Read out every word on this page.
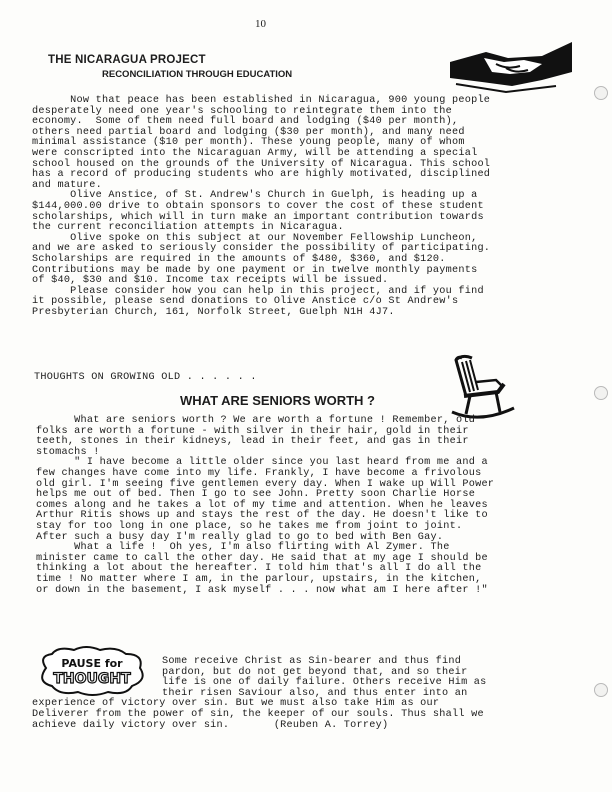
10
THE NICARAGUA PROJECT
RECONCILIATION THROUGH EDUCATION
Now that peace has been established in Nicaragua, 900 young people
desperately need one year's schooling to reintegrate them into the
economy.  Some of them need full board and lodging ($40 per month),
others need partial board and lodging ($30 per month), and many need
minimal assistance ($10 per month). These young people, many of whom
were conscripted into the Nicaraguan Army, will be attending a special
school housed on the grounds of the University of Nicaragua. This school
has a record of producing students who are highly motivated, disciplined
and mature.
Olive Anstice, of St. Andrew's Church in Guelph, is heading up a
$144,000.00 drive to obtain sponsors to cover the cost of these student
scholarships, which will in turn make an important contribution towards
the current reconciliation attempts in Nicaragua.
Olive spoke on this subject at our November Fellowship Luncheon,
and we are asked to seriously consider the possibility of participating.
Scholarships are required in the amounts of $480, $360, and $120.
Contributions may be made by one payment or in twelve monthly payments
of $40, $30 and $10. Income tax receipts will be issued.
Please consider how you can help in this project, and if you find
it possible, please send donations to Olive Anstice c/o St Andrew's
Presbyterian Church, 161, Norfolk Street, Guelph N1H 4J7.
THOUGHTS ON GROWING OLD . . . . . .
WHAT ARE SENIORS WORTH ?
What are seniors worth ? We are worth a fortune ! Remember, old
folks are worth a fortune - with silver in their hair, gold in their
teeth, stones in their kidneys, lead in their feet, and gas in their
stomachs !
" I have become a little older since you last heard from me and a
few changes have come into my life. Frankly, I have become a frivolous
old girl. I'm seeing five gentlemen every day. When I wake up Will Power
helps me out of bed. Then I go to see John. Pretty soon Charlie Horse
comes along and he takes a lot of my time and attention. When he leaves
Arthur Ritis shows up and stays the rest of the day. He doesn't like to
stay for too long in one place, so he takes me from joint to joint.
After such a busy day I'm really glad to go to bed with Ben Gay.
What a life !  Oh yes, I'm also flirting with Al Zymer. The
minister came to call the other day. He said that at my age I should be
thinking a lot about the hereafter. I told him that's all I do all the
time ! No matter where I am, in the parlour, upstairs, in the kitchen,
or down in the basement, I ask myself . . . now what am I here after !"
PAUSE for
THOUGHT
Some receive Christ as Sin-bearer and thus find
pardon, but do not get beyond that, and so their
life is one of daily failure. Others receive Him as
their risen Saviour also, and thus enter into an
experience of victory over sin. But we must also take Him as our
Deliverer from the power of sin, the keeper of our souls. Thus shall we
achieve daily victory over sin.       (Reuben A. Torrey)
